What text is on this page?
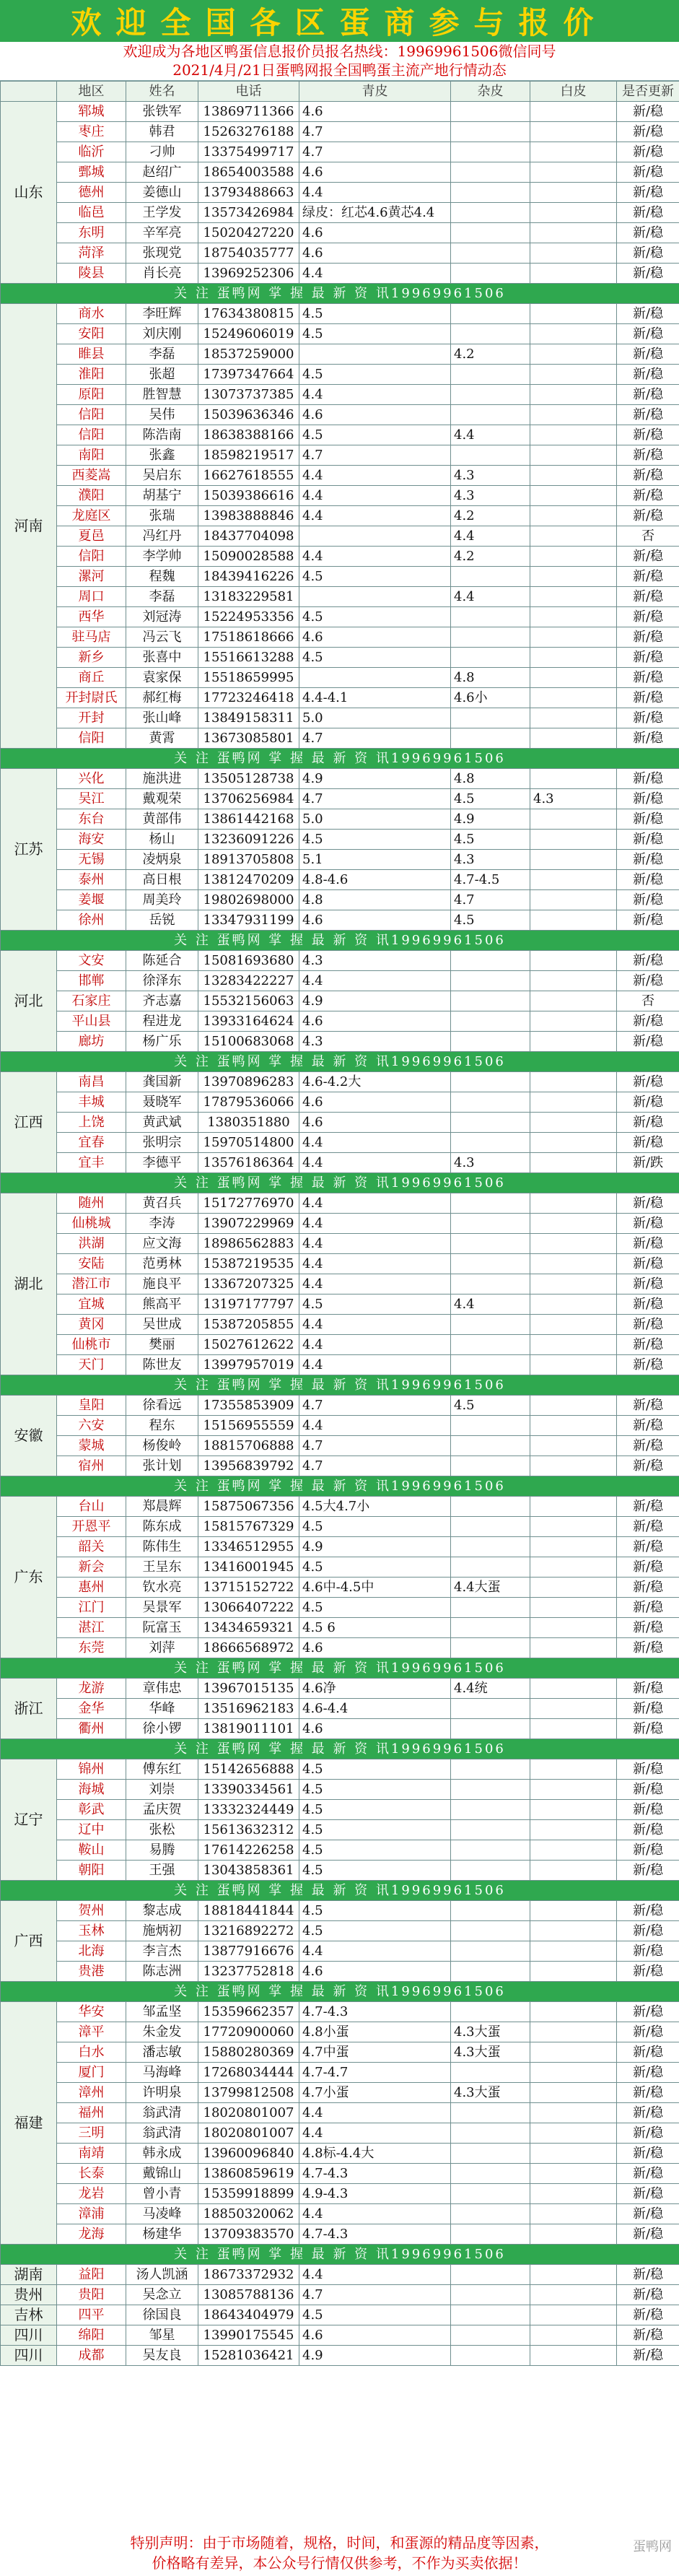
欢迎全国各区蛋商参与报价
欢迎成为各地区鸭蛋信息报价员报名热线：19969961506微信同号
2021/4月/21日蛋鸭网报全国鸭蛋主流产地行情动态
	地区	姓名	电话	青皮	杂皮	白皮	是否更新
山东	郓城	张铁军	13869711366	4.6			新/稳
	枣庄	韩君	15263276188	4.7			新/稳
	临沂	刁帅	13375499717	4.7			新/稳
	鄄城	赵绍广	18654003588	4.6			新/稳
	德州	姜德山	13793488663	4.4			新/稳
	临邑	王学发	13573426984	绿皮：红芯4.6黄芯4.4			新/稳
	东明	辛军亮	15020427220	4.6			新/稳
	菏泽	张现党	18754035777	4.6			新/稳
	陵县	肖长亮	13969252306	4.4			新/稳
关 注 蛋鸭网 掌 握 最 新 资 讯19969961506							
河南	商水	李旺辉	17634380815	4.5			新/稳
	安阳	刘庆刚	15249606019	4.5			新/稳
	睢县	李磊	18537259000		4.2		新/稳
	淮阳	张超	17397347664	4.5			新/稳
	原阳	胜智慧	13073737385	4.4			新/稳
	信阳	吴伟	15039636346	4.6			新/稳
	信阳	陈浩南	18638388166	4.5	4.4		新/稳
	南阳	张鑫	18598219517	4.7			新/稳
	西菱嵩	吴启东	16627618555	4.4	4.3		新/稳
	濮阳	胡基宁	15039386616	4.4	4.3		新/稳
	龙庭区	张瑞	13983888846	4.4	4.2		新/稳
	夏邑	冯红丹	18437704098		4.4		否
	信阳	李学帅	15090028588	4.4	4.2		新/稳
	漯河	程魏	18439416226	4.5			新/稳
	周口	李磊	13183229581		4.4		新/稳
	西华	刘冠涛	15224953356	4.5			新/稳
	驻马店	冯云飞	17518618666	4.6			新/稳
	新乡	张喜中	15516613288	4.5			新/稳
	商丘	袁家保	15518659995		4.8		新/稳
	开封尉氏	郝红梅	17723246418	4.4-4.1	4.6小		新/稳
	开封	张山峰	13849158311	5.0			新/稳
	信阳	黄霄	13673085801	4.7			新/稳
关 注 蛋鸭网 掌 握 最 新 资 讯19969961506							
江苏	兴化	施洪进	13505128738	4.9	4.8		新/稳
	吴江	戴观荣	13706256984	4.7	4.5	4.3	新/稳
	东台	黄部伟	13861442168	5.0	4.9		新/稳
	海安	杨山	13236091226	4.5	4.5		新/稳
	无锡	凌炳泉	18913705808	5.1	4.3		新/稳
	泰州	高日根	13812470209	4.8-4.6	4.7-4.5		新/稳
	姜堰	周美玲	19802698000	4.8	4.7		新/稳
	徐州	岳锐	13347931199	4.6	4.5		新/稳
关 注 蛋鸭网 掌 握 最 新 资 讯19969961506							
河北	文安	陈延合	15081693680	4.3			新/稳
	邯郸	徐泽东	13283422227	4.4			新/稳
	石家庄	齐志嘉	15532156063	4.9			否
	平山县	程进龙	13933164624	4.6			新/稳
	廊坊	杨广乐	15100683068	4.3			新/稳
关 注 蛋鸭网 掌 握 最 新 资 讯19969961506							
江西	南昌	龚国新	13970896283	4.6-4.2大			新/稳
	丰城	聂晓军	17879536066	4.6			新/稳
	上饶	黄武斌	1380351880	4.6			新/稳
	宜春	张明宗	15970514800	4.4			新/稳
	宜丰	李德平	13576186364	4.4	4.3		新/跌
关 注 蛋鸭网 掌 握 最 新 资 讯19969961506							
湖北	随州	黄召兵	15172776970	4.4			新/稳
	仙桃城	李涛	13907229969	4.4			新/稳
	洪湖	应文海	18986562883	4.4			新/稳
	安陆	范勇林	15387219535	4.4			新/稳
	潜江市	施良平	13367207325	4.4			新/稳
	宜城	熊高平	13197177797	4.5	4.4		新/稳
	黄冈	吴世成	15387205855	4.4			新/稳
	仙桃市	樊丽	15027612622	4.4			新/稳
	天门	陈世友	13997957019	4.4			新/稳
关 注 蛋鸭网 掌 握 最 新 资 讯19969961506							
安徽	皇阳	徐看远	17355853909	4.7	4.5		新/稳
	六安	程东	15156955559	4.4			新/稳
	蒙城	杨俊岭	18815706888	4.7			新/稳
	宿州	张计划	13956839792	4.7			新/稳
关 注 蛋鸭网 掌 握 最 新 资 讯19969961506							
广东	台山	郑晨辉	15875067356	4.5大4.7小			新/稳
	开恩平	陈东成	15815767329	4.5			新/稳
	韶关	陈伟生	13346512955	4.9			新/稳
	新会	王呈东	13416001945	4.5			新/稳
	惠州	钦水亮	13715152722	4.6中-4.5中	4.4大蛋		新/稳
	江门	吴景军	13066407222	4.5			新/稳
	湛江	阮富玉	13434659321	4.5 6			新/稳
	东莞	刘萍	18666568972	4.6			新/稳
关 注 蛋鸭网 掌 握 最 新 资 讯19969961506							
浙江	龙游	章伟忠	13967015135	4.6净	4.4统		新/稳
	金华	华峰	13516962183	4.6-4.4			新/稳
	衢州	徐小锣	13819011101	4.6			新/稳
关 注 蛋鸭网 掌 握 最 新 资 讯19969961506							
辽宁	锦州	傅东红	15142656888	4.5			新/稳
	海城	刘崇	13390334561	4.5			新/稳
	彰武	孟庆贺	13332324449	4.5			新/稳
	辽中	张松	15613632312	4.5			新/稳
	鞍山	易腾	17614226258	4.5			新/稳
	朝阳	王强	13043858361	4.5			新/稳
关 注 蛋鸭网 掌 握 最 新 资 讯19969961506							
广西	贺州	黎志成	18818441844	4.5			新/稳
	玉林	施炳初	13216892272	4.5			新/稳
	北海	李言杰	13877916676	4.4			新/稳
	贵港	陈志洲	13237752818	4.6			新/稳
关 注 蛋鸭网 掌 握 最 新 资 讯19969961506							
福建	华安	邹孟坚	15359662357	4.7-4.3			新/稳
	漳平	朱金发	17720900060	4.8小蛋	4.3大蛋		新/稳
	白水	潘志敏	15880280369	4.7中蛋	4.3大蛋		新/稳
	厦门	马海峰	17268034444	4.7-4.7			新/稳
	漳州	许明泉	13799812508	4.7小蛋	4.3大蛋		新/稳
	福州	翁武清	18020801007	4.4			新/稳
	三明	翁武清	18020801007	4.4			新/稳
	南靖	韩永成	13960096840	4.8标-4.4大			新/稳
	长泰	戴锦山	13860859619	4.7-4.3			新/稳
	龙岩	曾小青	15359918899	4.9-4.3			新/稳
	漳浦	马凌峰	18850320062	4.4			新/稳
	龙海	杨建华	13709383570	4.7-4.3			新/稳
关 注 蛋鸭网 掌 握 最 新 资 讯19969961506							
湖南	益阳	汤人凯涵	18673372932	4.4			新/稳
贵州	贵阳	吴念立	13085788136	4.7			新/稳
吉林	四平	徐国良	18643404979	4.5			新/稳
四川	绵阳	邹星	13990175545	4.6			新/稳
四川	成都	吴友良	15281036421	4.9			新/稳
特别声明：由于市场随着，规格，时间，和蛋源的精品度等因素，
价格略有差异，本公众号行情仅供参考，不作为买卖依据！
蛋鸭网
